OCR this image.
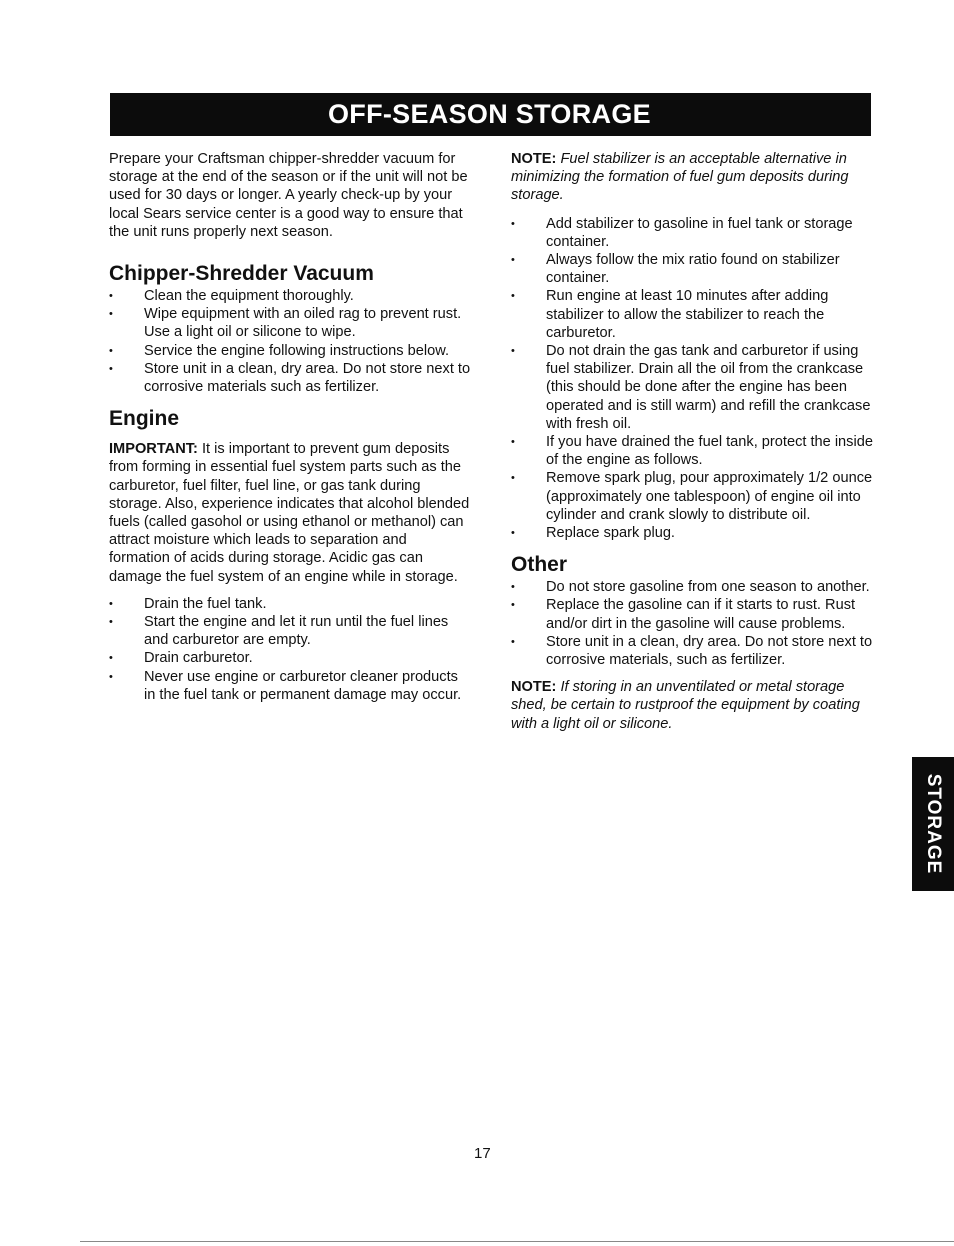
OFF-SEASON STORAGE

Prepare your Craftsman chipper-shredder vacuum for storage at the end of the season or if the unit will not be used for 30 days or longer. A yearly check-up by your local Sears service center is a good way to ensure that the unit runs properly next season.

Chipper-Shredder Vacuum
•	Clean the equipment thoroughly.
•	Wipe equipment with an oiled rag to prevent rust. Use a light oil or silicone to wipe.
•	Service the engine following instructions below.
•	Store unit in a clean, dry area. Do not store next to corrosive materials such as fertilizer.
Engine

IMPORTANT: It is important to prevent gum deposits from forming in essential fuel system parts such as the carburetor, fuel filter, fuel line, or gas tank during storage. Also, experience indicates that alcohol blended fuels (called gasohol or using ethanol or methanol) can attract moisture which leads to separation and formation of acids during storage. Acidic gas can damage the fuel system of an engine while in storage.

•	Drain the fuel tank.
•	Start the engine and let it run until the fuel lines and carburetor are empty.
•	Drain carburetor.
•	Never use engine or carburetor cleaner products in the fuel tank or permanent damage may occur.

NOTE: Fuel stabilizer is an acceptable alternative in minimizing the formation of fuel gum deposits during storage.

•	Add stabilizer to gasoline in fuel tank or storage container.
•	Always follow the mix ratio found on stabilizer container.
•	Run engine at least 10 minutes after adding stabilizer to allow the stabilizer to reach the carburetor.
•	Do not drain the gas tank and carburetor if using fuel stabilizer. Drain all the oil from the crankcase (this should be done after the engine has been operated and is still warm) and refill the crankcase with fresh oil.
•	If you have drained the fuel tank, protect the inside of the engine as follows.
•	Remove spark plug, pour approximately 1/2 ounce (approximately one tablespoon) of engine oil into cylinder and crank slowly to distribute oil.
•	Replace spark plug.
Other
•	Do not store gasoline from one season to another.
•	Replace the gasoline can if it starts to rust. Rust and/or dirt in the gasoline will cause problems.
•	Store unit in a clean, dry area. Do not store next to corrosive materials, such as fertilizer.

NOTE: If storing in an unventilated or metal storage shed, be certain to rustproof the equipment by coating with a light oil or silicone.

STORAGE
17
